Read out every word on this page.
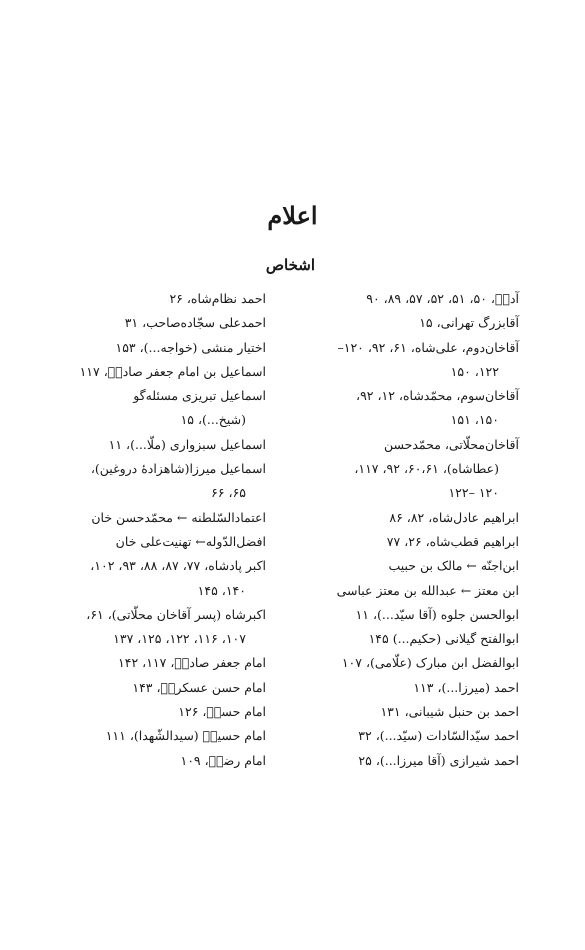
اعلام
اشخاص
آدمؑ، ۵۰، ۵۱، ۵۲، ۵۷، ۸۹، ۹۰
آقابزرگ تهرانی، ۱۵
آقاخان‌دوم، علی‌شاه، ۶۱، ۹۲، ۱۲۰–
۱۲۲، ۱۵۰
آقاخان‌سوم، محمّدشاه، ۱۲، ۹۲،
۱۵۰، ۱۵۱
آقاخان‌محلّاتی، محمّدحسن
(عطاشاه)، ۶۰،۶۱، ۹۲، ۱۱۷،
۱۲۰ –۱۲۲
ابراهیم عادل‌شاه، ۸۲، ۸۶
ابراهیم قطب‌شاه، ۲۶، ۷۷
ابن‌اجنّه ← مالک بن حبیب
ابن معتز ← عبدالله بن معتز عباسی
ابوالحسن جلوه (آقا سیّد...)، ۱۱
ابوالفتح گیلانی (حکیم...) ۱۴۵
ابوالفضل ابن مبارک (علّامی)، ۱۰۷
احمد (میرزا...)، ۱۱۳
احمد بن حنبل شیبانی، ۱۳۱
احمد سیّدالسّادات (سیّد...)، ۳۲
احمد شیرازی (آقا میرزا...)، ۲۵
احمد نظام‌شاه، ۲۶
احمدعلی سجّاده‌صاحب، ۳۱
اختیار منشی (خواجه...)، ۱۵۳
اسماعیل بن امام جعفر صادقؑ، ۱۱۷
اسماعیل تبریزی مسئله‌گو
(شیخ...)، ۱۵
اسماعیل سبزواری (ملّا...)، ۱۱
اسماعیل میرزا(شاهزادهٔ دروغین)،
۶۵، ۶۶
اعتمادالسّلطنه ← محمّدحسن خان
افضل‌الدّوله← تهنیت‌علی خان
اکبر پادشاه، ۷۷، ۸۷، ۸۸، ۹۳، ۱۰۲،
۱۴۰، ۱۴۵
اکبرشاه (پسر آقاخان محلّاتی)، ۶۱،
۱۰۷، ۱۱۶، ۱۲۲، ۱۲۵، ۱۳۷
امام جعفر صادقؑ، ۱۱۷، ۱۴۲
امام حسن عسکریؑ، ۱۴۳
امام حسنؑ، ۱۲۶
امام حسینؑ (سیدالشّهدا)، ۱۱۱
امام رضاؑ، ۱۰۹
